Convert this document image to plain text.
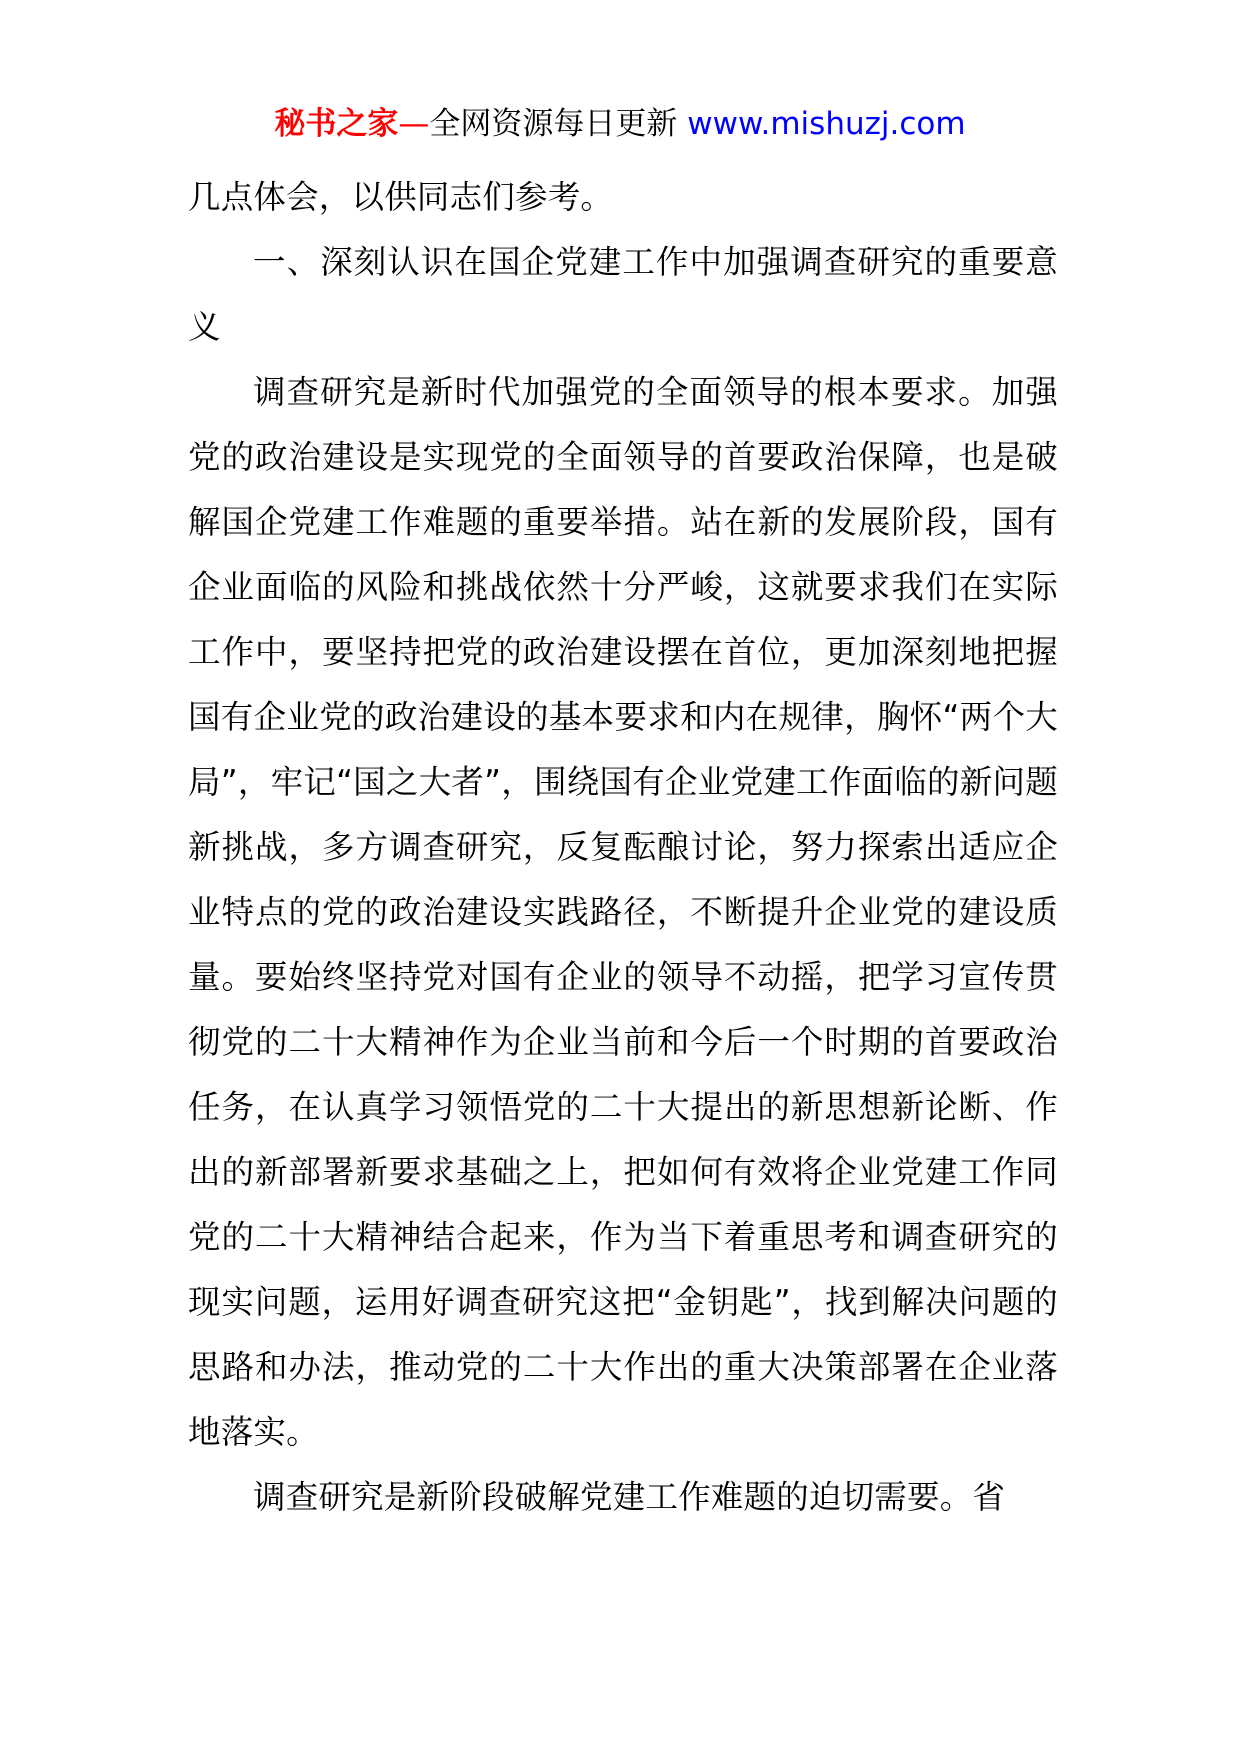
秘书之家—全网资源每日更新 www.mishuzj.com

几点体会，以供同志们参考。

一、深刻认识在国企党建工作中加强调查研究的重要意义

调查研究是新时代加强党的全面领导的根本要求。加强党的政治建设是实现党的全面领导的首要政治保障，也是破解国企党建工作难题的重要举措。站在新的发展阶段，国有企业面临的风险和挑战依然十分严峻，这就要求我们在实际工作中，要坚持把党的政治建设摆在首位，更加深刻地把握国有企业党的政治建设的基本要求和内在规律，胸怀“两个大局”，牢记“国之大者”，围绕国有企业党建工作面临的新问题新挑战，多方调查研究，反复酝酿讨论，努力探索出适应企业特点的党的政治建设实践路径，不断提升企业党的建设质量。要始终坚持党对国有企业的领导不动摇，把学习宣传贯彻党的二十大精神作为企业当前和今后一个时期的首要政治任务，在认真学习领悟党的二十大提出的新思想新论断、作出的新部署新要求基础之上，把如何有效将企业党建工作同党的二十大精神结合起来，作为当下着重思考和调查研究的现实问题，运用好调查研究这把“金钥匙”，找到解决问题的思路和办法，推动党的二十大作出的重大决策部署在企业落地落实。

调查研究是新阶段破解党建工作难题的迫切需要。省
